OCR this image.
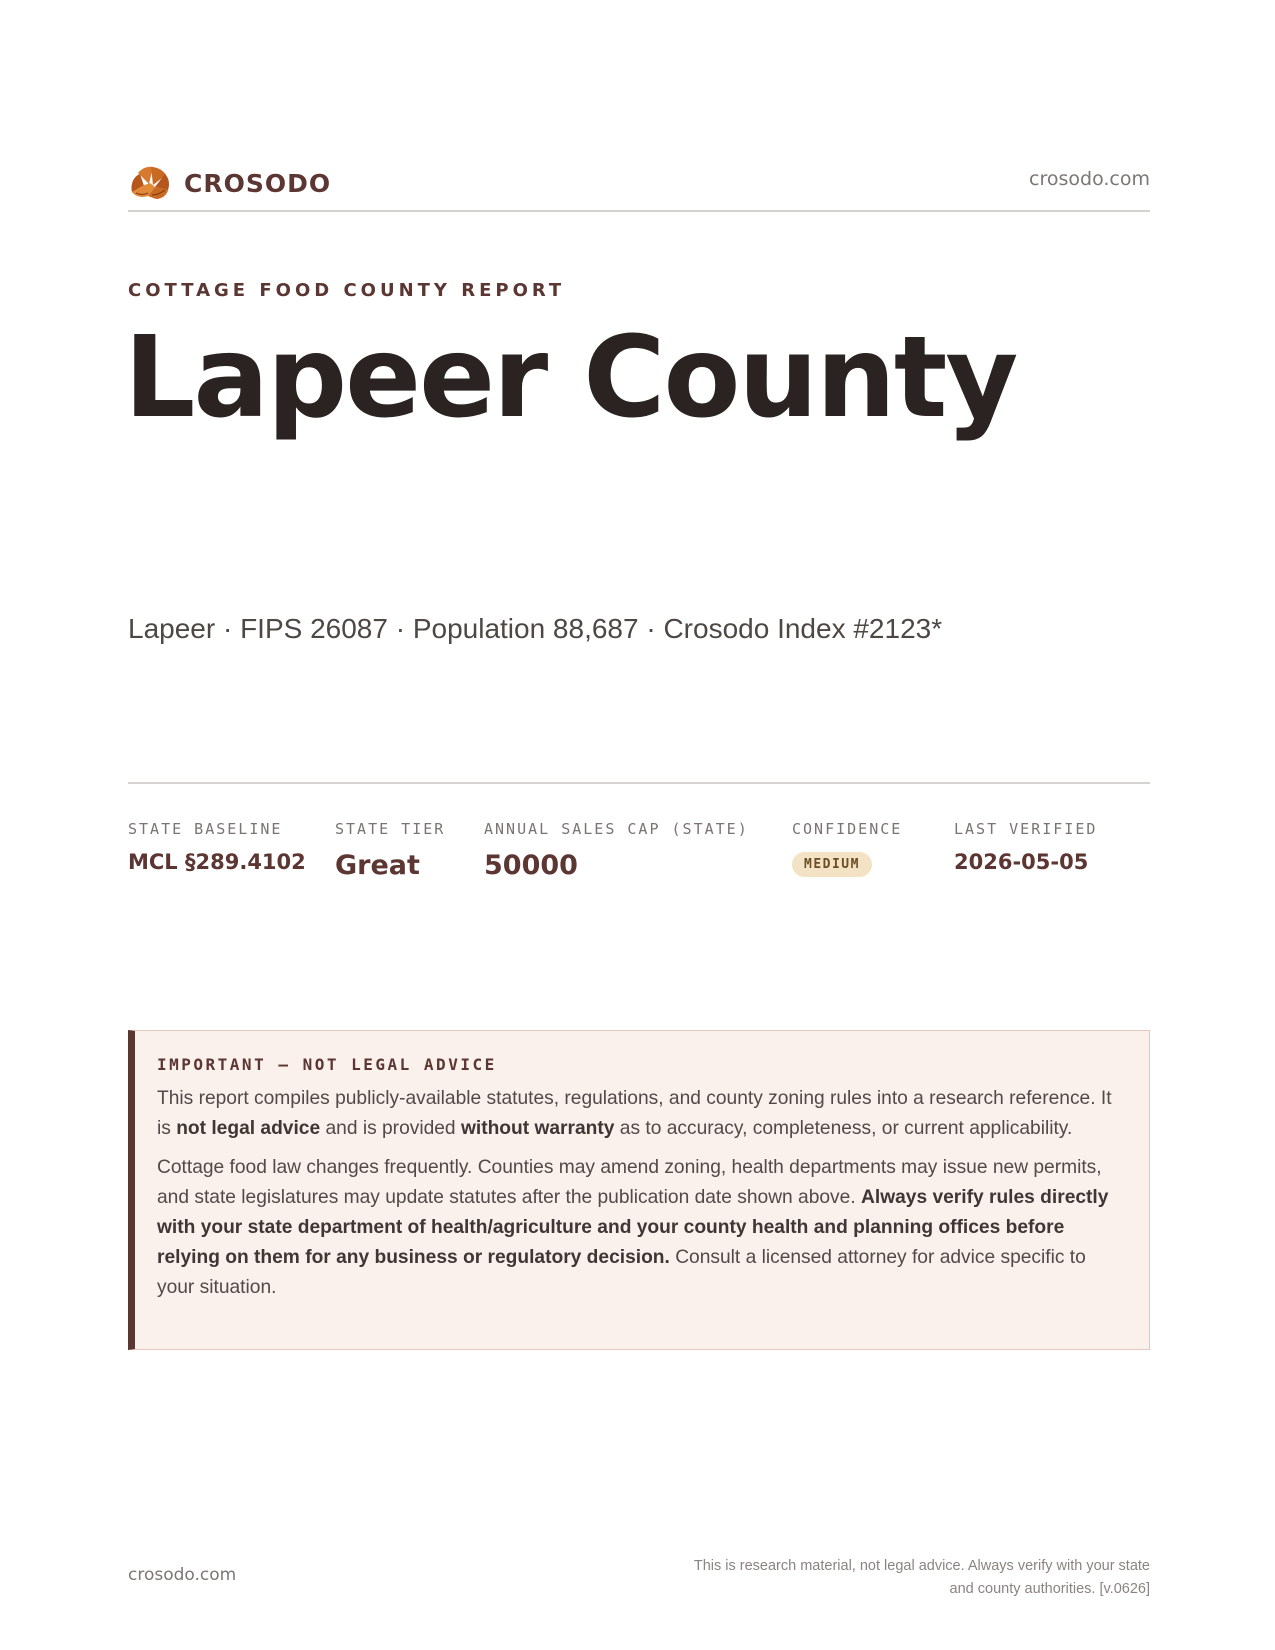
CROSODO	crosodo.com
COTTAGE FOOD COUNTY REPORT
Lapeer County
Lapeer · FIPS 26087 · Population 88,687 · Crosodo Index #2123*
STATE BASELINE
MCL §289.4102
STATE TIER
Great
ANNUAL SALES CAP (STATE)
50000
CONFIDENCE
MEDIUM
LAST VERIFIED
2026-05-05
IMPORTANT — NOT LEGAL ADVICE

This report compiles publicly-available statutes, regulations, and county zoning rules into a research reference. It is not legal advice and is provided without warranty as to accuracy, completeness, or current applicability.

Cottage food law changes frequently. Counties may amend zoning, health departments may issue new permits, and state legislatures may update statutes after the publication date shown above. Always verify rules directly with your state department of health/agriculture and your county health and planning offices before relying on them for any business or regulatory decision. Consult a licensed attorney for advice specific to your situation.

crosodo.com	This is research material, not legal advice. Always verify with your state
and county authorities. [v.0626]
